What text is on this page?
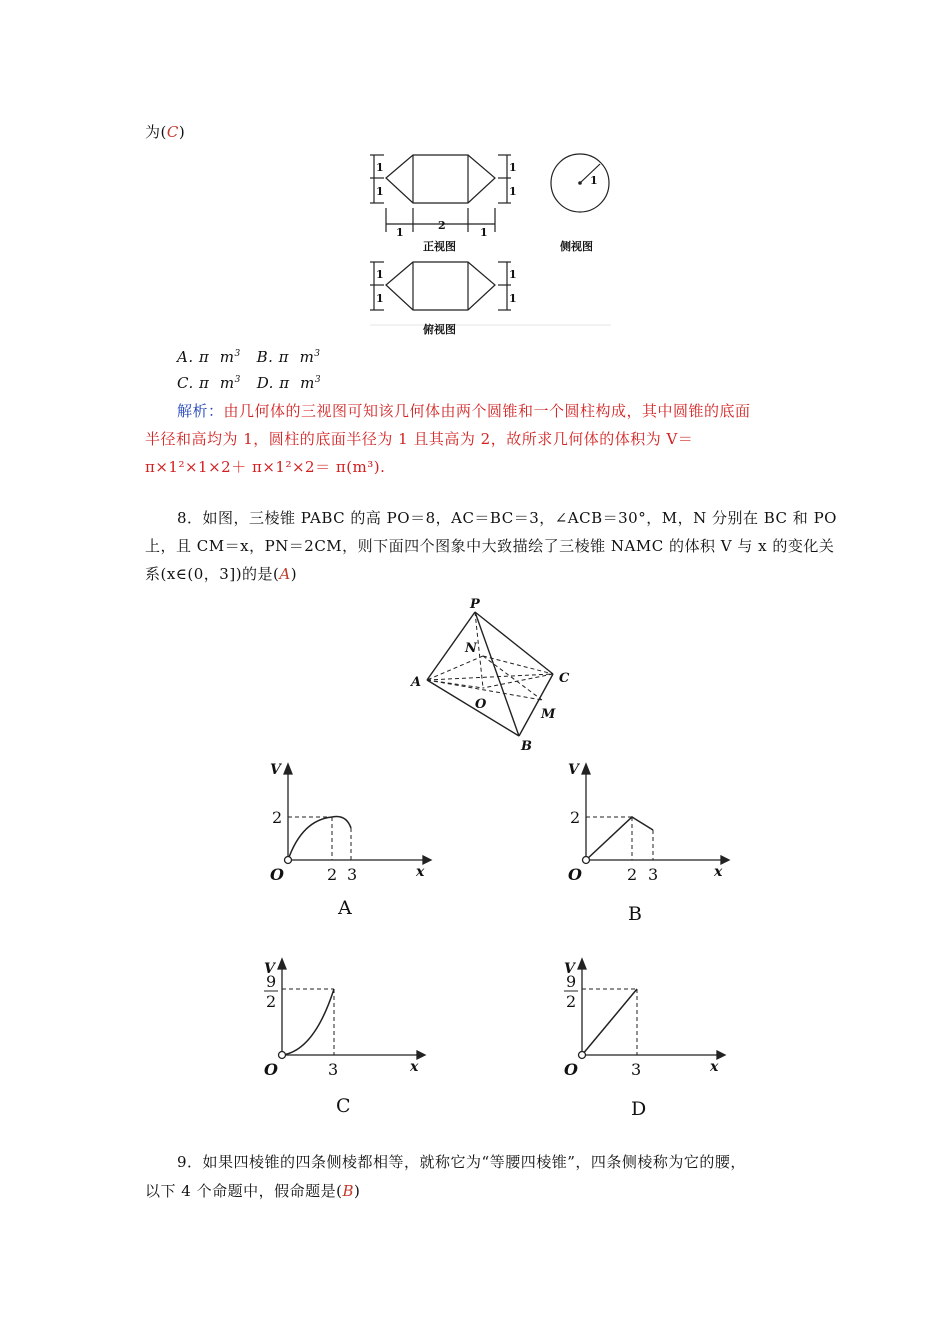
为(C)
1
1
1
1
1
2
1
1
1
1
1
1
正视图	侧视图
俯视图
A. π $m^3$ B. π $m^3$
C. π $m^3$ D. π $m^3$
解析：由几何体的三视图可知该几何体由两个圆锥和一个圆柱构成，其中圆锥的底面
半径和高均为 1，圆柱的底面半径为 1 且其高为 2，故所求几何体的体积为 V＝
π×1²×1×2＋ π×1²×2＝ π(m³).
8．如图，三棱锥 PABC 的高 PO＝8，AC＝BC＝3，∠ACB＝30°，M，N 分别在 BC 和 PO
上，且 CM＝x，PN＝2CM，则下面四个图象中大致描绘了三棱锥 NAMC 的体积 V 与 x 的变化关
系(x∈(0，3])的是(A)
P
N
A	C
O
M
B
V
x
O
2
2 3
A
V
x
O
2
2 3
B
V
x
O
9
2
3
C
V
x
O
9
2
3
D
9．如果四棱锥的四条侧棱都相等，就称它为“等腰四棱锥”，四条侧棱称为它的腰，
以下 4 个命题中，假命题是(B)
